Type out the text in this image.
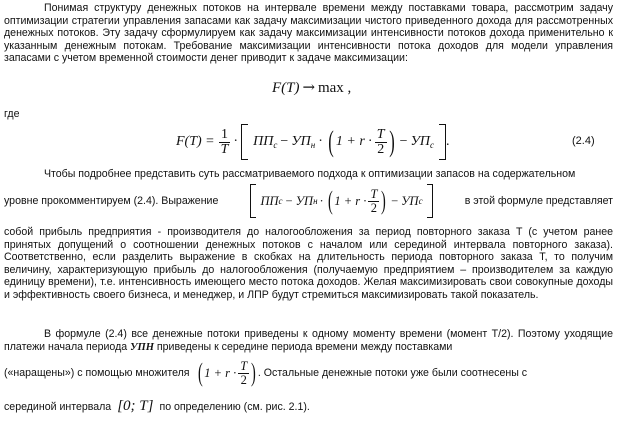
Понимая структуру денежных потоков на интервале времени между поставками товара, рассмотрим задачу оптимизации стратегии управления запасами как задачу максимизации чистого приведенного дохода для рассмотренных денежных потоков. Эту задачу сформулируем как задачу максимизации интенсивности потоков дохода применительно к указанным денежным потокам. Требование максимизации интенсивности потока доходов для модели управления запасами с учетом временной стоимости денег приводит к задаче максимизации:

F(T) → max ,
где
$F(T) = \frac{1}{T} \cdot ПП_c - УП_н$ · ( $1 + r \cdot \frac{T}{2}$ ) − $УП_с$ .	(2.4)

Чтобы подробнее представить суть рассматриваемого подхода к оптимизации запасов на содержательном

уровне прокомментируем (2.4). Выражение	ПП c − УП н · ( $1 + r \cdot \frac{T}{2}$ ) − УП с	в этой формуле представляет

собой прибыль предприятия - производителя до налогообложения за период повторного заказа T (с учетом ранее принятых допущений о соотношении денежных потоков с началом или серединой интервала повторного заказа). Соответственно, если разделить выражение в скобках на длительность периода повторного заказа T, то получим величину, характеризующую прибыль до налогообложения (получаемую предприятием – производителем за каждую единицу времени), т.е. интенсивность имеющего место потока доходов. Желая максимизировать свои совокупные доходы и эффективность своего бизнеса, и менеджер, и ЛПР будут стремиться максимизировать такой показатель.

В формуле (2.4) все денежные потоки приведены к одному моменту времени (момент T/2). Поэтому уходящие платежи начала периода УПН приведены к середине периода времени между поставками

(«наращены») с помощью множителя ( $1 + r \cdot \frac{T}{2}$ ) . Остальные денежные потоки уже были соотнесены с
серединой интервала [0; T] по определению (см. рис. 2.1).
